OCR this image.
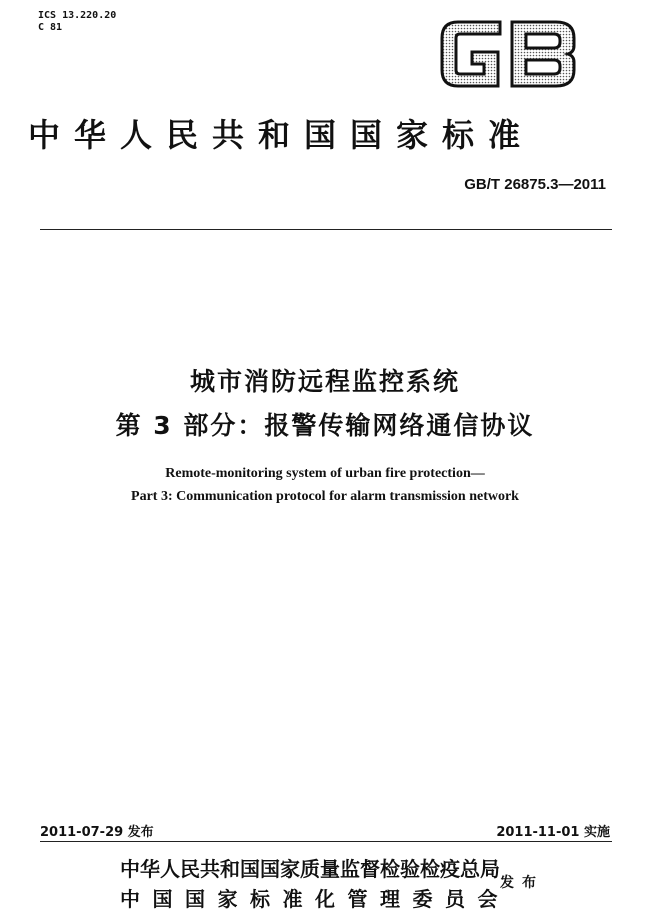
ICS 13.220.20
C 81
中华人民共和国国家标准
GB/T 26875.3—2011
城市消防远程监控系统
第 3 部分：报警传输网络通信协议
Remote-monitoring system of urban fire protection—
Part 3: Communication protocol for alarm transmission network
2011-07-29 发布	2011-11-01 实施
中华人民共和国国家质量监督检验检疫总局
中国国家标准化管理委员会
发布
